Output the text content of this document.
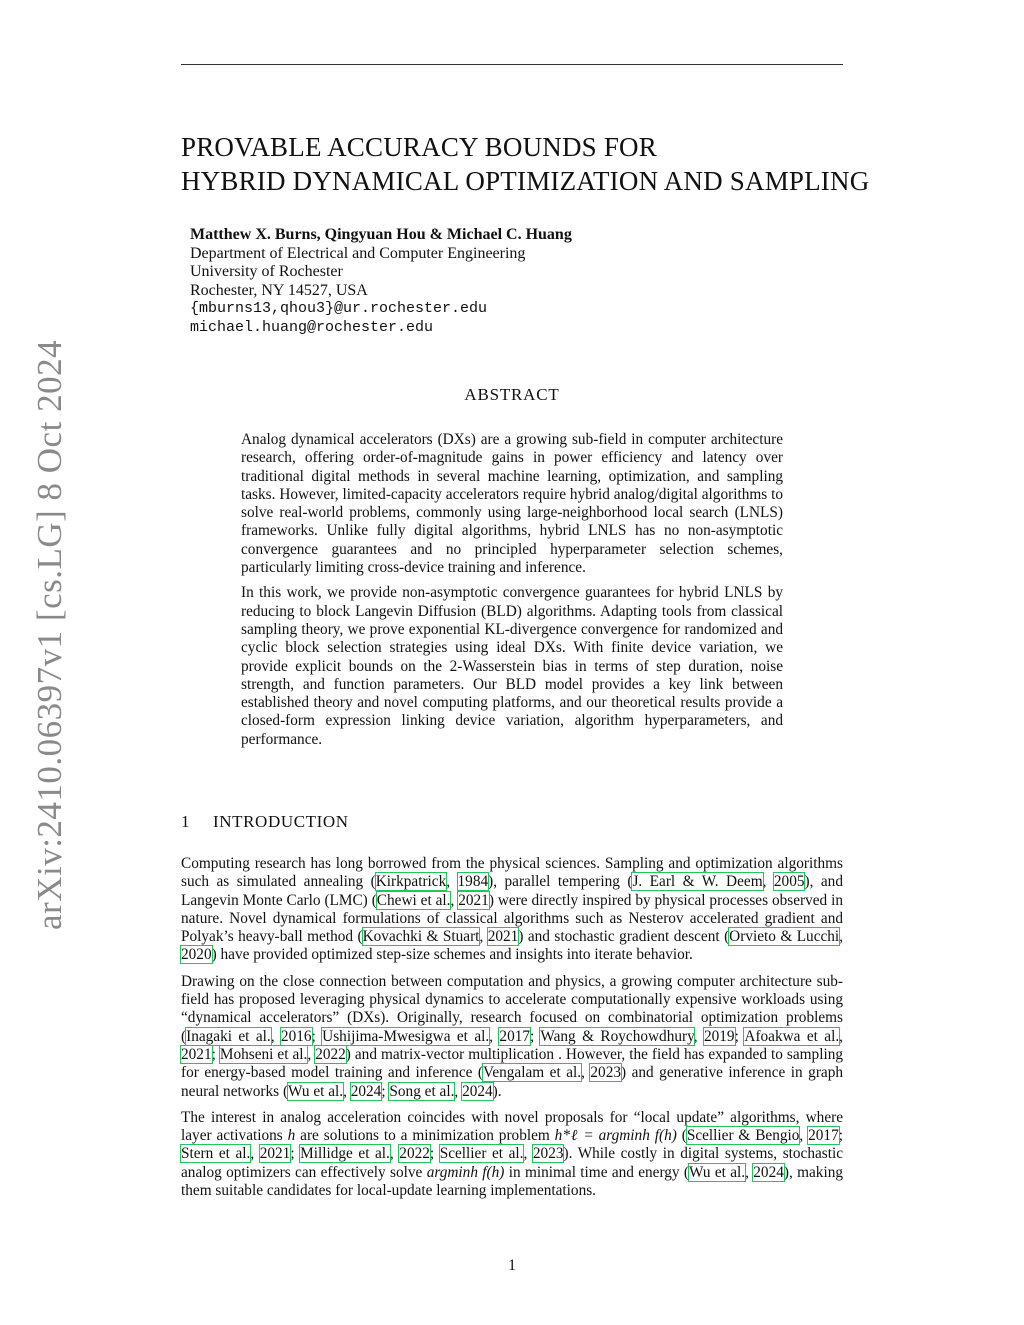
arXiv:2410.06397v1 [cs.LG] 8 Oct 2024
PROVABLE ACCURACY BOUNDS FOR
HYBRID DYNAMICAL OPTIMIZATION AND SAMPLING
Matthew X. Burns, Qingyuan Hou & Michael C. Huang
Department of Electrical and Computer Engineering
University of Rochester
Rochester, NY 14527, USA
{mburns13,qhou3}@ur.rochester.edu
michael.huang@rochester.edu
ABSTRACT

Analog dynamical accelerators (DXs) are a growing sub-field in computer architecture research, offering order-of-magnitude gains in power efficiency and latency over traditional digital methods in several machine learning, optimization, and sampling tasks. However, limited-capacity accelerators require hybrid analog/digital algorithms to solve real-world problems, commonly using large-neighborhood local search (LNLS) frameworks. Unlike fully digital algorithms, hybrid LNLS has no non-asymptotic convergence guarantees and no principled hyperparameter selection schemes, particularly limiting cross-device training and inference.

In this work, we provide non-asymptotic convergence guarantees for hybrid LNLS by reducing to block Langevin Diffusion (BLD) algorithms. Adapting tools from classical sampling theory, we prove exponential KL-divergence convergence for randomized and cyclic block selection strategies using ideal DXs. With finite device variation, we provide explicit bounds on the 2-Wasserstein bias in terms of step duration, noise strength, and function parameters. Our BLD model provides a key link between established theory and novel computing platforms, and our theoretical results provide a closed-form expression linking device variation, algorithm hyperparameters, and performance.

1 INTRODUCTION

Computing research has long borrowed from the physical sciences. Sampling and optimization algorithms such as simulated annealing (Kirkpatrick, 1984), parallel tempering (J. Earl & W. Deem, 2005), and Langevin Monte Carlo (LMC) (Chewi et al., 2021) were directly inspired by physical processes observed in nature. Novel dynamical formulations of classical algorithms such as Nesterov accelerated gradient and Polyak’s heavy-ball method (Kovachki & Stuart, 2021) and stochastic gradient descent (Orvieto & Lucchi, 2020) have provided optimized step-size schemes and insights into iterate behavior.

Drawing on the close connection between computation and physics, a growing computer architecture sub-field has proposed leveraging physical dynamics to accelerate computationally expensive workloads using “dynamical accelerators” (DXs). Originally, research focused on combinatorial optimization problems (Inagaki et al., 2016; Ushijima-Mwesigwa et al., 2017; Wang & Roychowdhury, 2019; Afoakwa et al., 2021; Mohseni et al., 2022) and matrix-vector multiplication . However, the field has expanded to sampling for energy-based model training and inference (Vengalam et al., 2023) and generative inference in graph neural networks (Wu et al., 2024; Song et al., 2024).

The interest in analog acceleration coincides with novel proposals for “local update” algorithms, where layer activations h are solutions to a minimization problem h*ℓ = argminh f(h) (Scellier & Bengio, 2017; Stern et al., 2021; Millidge et al., 2022; Scellier et al., 2023). While costly in digital systems, stochastic analog optimizers can effectively solve argminh f(h) in minimal time and energy (Wu et al., 2024), making them suitable candidates for local-update learning implementations.

1
